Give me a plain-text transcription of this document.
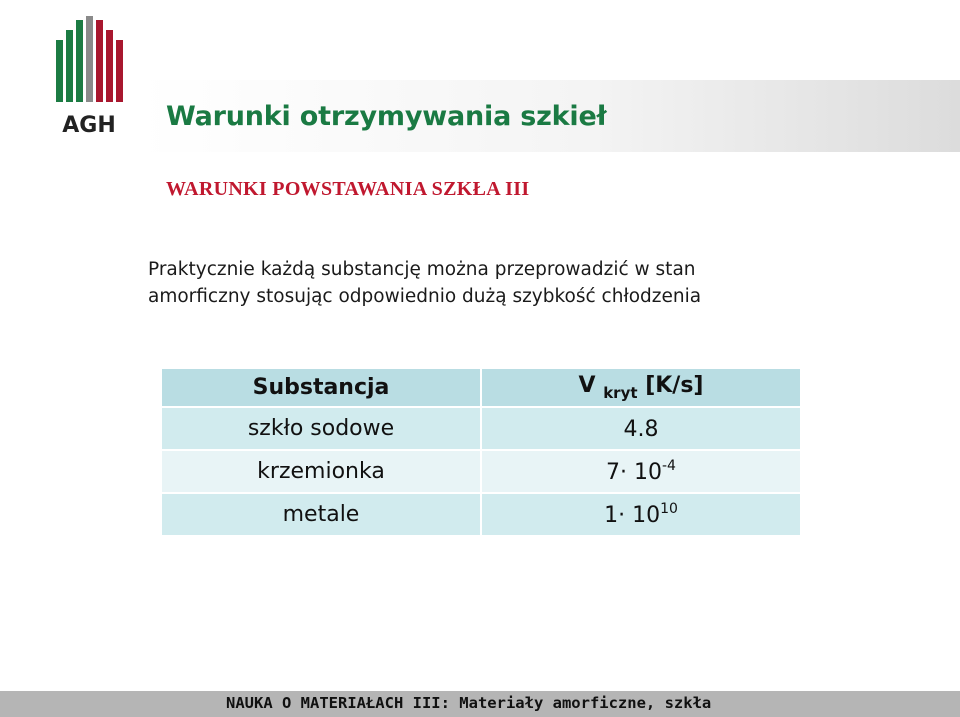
AGH Warunki otrzymywania szkieł
WARUNKI POWSTAWANIA SZKŁA III

Praktycznie każdą substancję można przeprowadzić w stan
amorficzny stosując odpowiednio dużą szybkość chłodzenia

Substancja	V $_{kryt}$ [K/s]
szkło sodowe	4.8
krzemionka	$7\cdot 10^{-4}$
metale	$1\cdot 10^{10}$

NAUKA O MATERIAŁACH III: Materiały amorficzne, szkła
